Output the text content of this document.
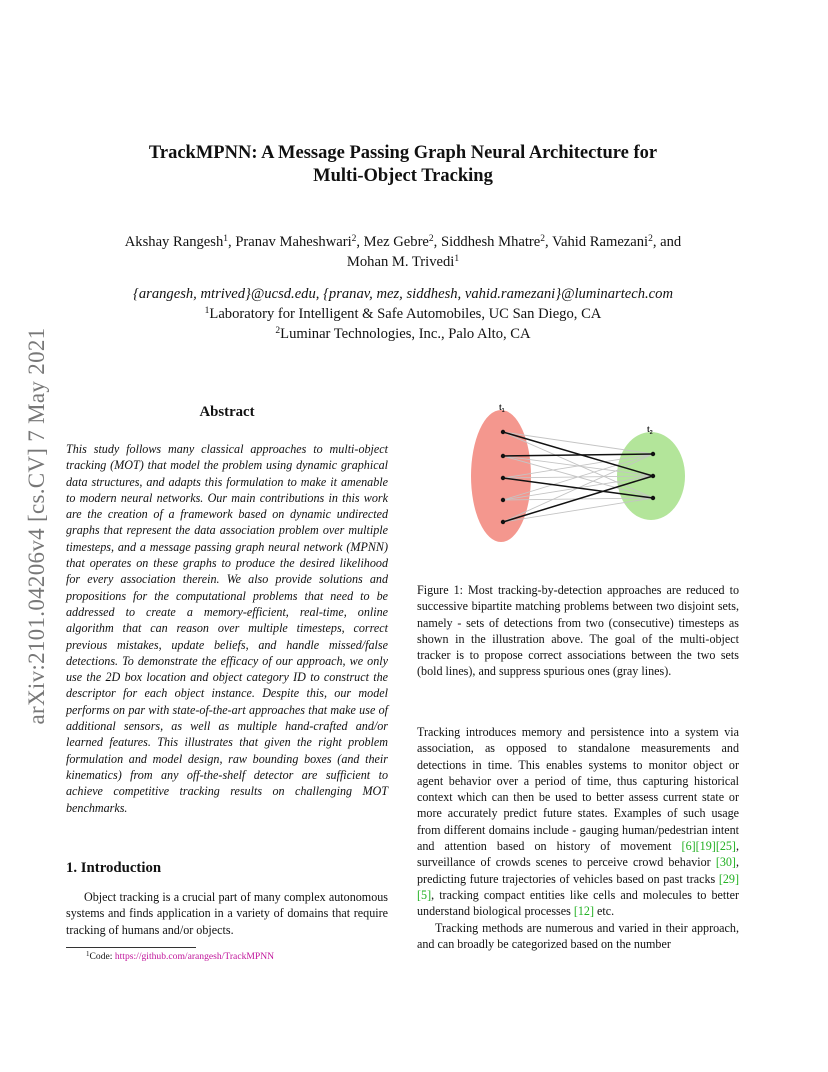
arXiv:2101.04206v4 [cs.CV] 7 May 2021
TrackMPNN: A Message Passing Graph Neural Architecture for
Multi-Object Tracking
Akshay Rangesh$^1$, Pranav Maheshwari$^2$, Mez Gebre$^2$, Siddhesh Mhatre$^2$, Vahid Ramezani$^2$, and
Mohan M. Trivedi$^1$
{arangesh, mtrived}@ucsd.edu, {pranav, mez, siddhesh, vahid.ramezani}@luminartech.com
$^1$Laboratory for Intelligent & Safe Automobiles, UC San Diego, CA
$^2$Luminar Technologies, Inc., Palo Alto, CA
Abstract
This study follows many classical approaches to multi-object tracking (MOT) that model the problem using dynamic graphical data structures, and adapts this formulation to make it amenable to modern neural networks. Our main contributions in this work are the creation of a framework based on dynamic undirected graphs that represent the data association problem over multiple timesteps, and a message passing graph neural network (MPNN) that operates on these graphs to produce the desired likelihood for every association therein. We also provide solutions and propositions for the computational problems that need to be addressed to create a memory-efficient, real-time, online algorithm that can reason over multiple timesteps, correct previous mistakes, update beliefs, and handle missed/false detections. To demonstrate the efficacy of our approach, we only use the 2D box location and object category ID to construct the descriptor for each object instance. Despite this, our model performs on par with state-of-the-art approaches that make use of additional sensors, as well as multiple hand-crafted and/or learned features. This illustrates that given the right problem formulation and model design, raw bounding boxes (and their kinematics) from any off-the-shelf detector are sufficient to achieve competitive tracking results on challenging MOT benchmarks.
1. Introduction
Object tracking is a crucial part of many complex autonomous systems and finds application in a variety of domains that require tracking of humans and/or objects.
$^1$Code: https://github.com/arangesh/TrackMPNN
$t_1$
$t_2$
Figure 1: Most tracking-by-detection approaches are reduced to successive bipartite matching problems between two disjoint sets, namely - sets of detections from two (consecutive) timesteps as shown in the illustration above. The goal of the multi-object tracker is to propose correct associations between the two sets (bold lines), and suppress spurious ones (gray lines).

Tracking introduces memory and persistence into a system via association, as opposed to standalone measurements and detections in time. This enables systems to monitor object or agent behavior over a period of time, thus capturing historical context which can then be used to better assess current state or more accurately predict future states. Examples of such usage from different domains include - gauging human/pedestrian intent and attention based on history of movement [6][19][25], surveillance of crowds scenes to perceive crowd behavior [30], predicting future trajectories of vehicles based on past tracks [29][5], tracking compact entities like cells and molecules to better understand biological processes [12] etc.

Tracking methods are numerous and varied in their approach, and can broadly be categorized based on the number
